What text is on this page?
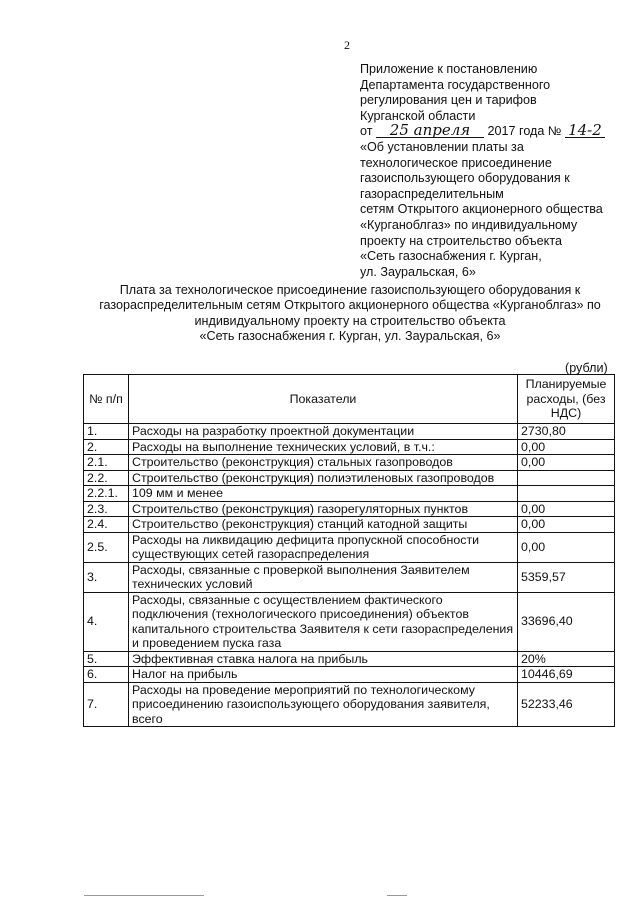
2
Приложение к постановлению
Департамента государственного
регулирования цен и тарифов
Курганской области
от 25 апреля 2017 года № 14-2
«Об установлении платы за
технологическое присоединение
газоиспользующего оборудования к
газораспределительным
сетям Открытого акционерного общества
«Курганоблгаз» по индивидуальному
проекту на строительство объекта
«Сеть газоснабжения г. Курган,
ул. Зауральская, 6»
Плата за технологическое присоединение газоиспользующего оборудования к
газораспределительным сетям Открытого акционерного общества «Курганоблгаз» по
индивидуальному проекту на строительство объекта
«Сеть газоснабжения г. Курган, ул. Зауральская, 6»
(рубли)
№ п/п	Показатели	Планируемые расходы, (без НДС)
1.	Расходы на разработку проектной документации	2730,80
2.	Расходы на выполнение технических условий, в т.ч.:	0,00
2.1.	Строительство (реконструкция) стальных газопроводов	0,00
2.2.	Строительство (реконструкция) полиэтиленовых газопроводов	
2.2.1.	109 мм и менее	
2.3.	Строительство (реконструкция) газорегуляторных пунктов	0,00
2.4.	Строительство (реконструкция) станций катодной защиты	0,00
2.5.	Расходы на ликвидацию дефицита пропускной способности существующих сетей газораспределения	0,00
3.	Расходы, связанные с проверкой выполнения Заявителем технических условий	5359,57
4.	Расходы, связанные с осуществлением фактического подключения (технологического присоединения) объектов капитального строительства Заявителя к сети газораспределения и проведением пуска газа	33696,40
5.	Эффективная ставка налога на прибыль	20%
6.	Налог на прибыль	10446,69
7.	Расходы на проведение мероприятий по технологическому присоединению газоиспользующего оборудования заявителя, всего	52233,46
